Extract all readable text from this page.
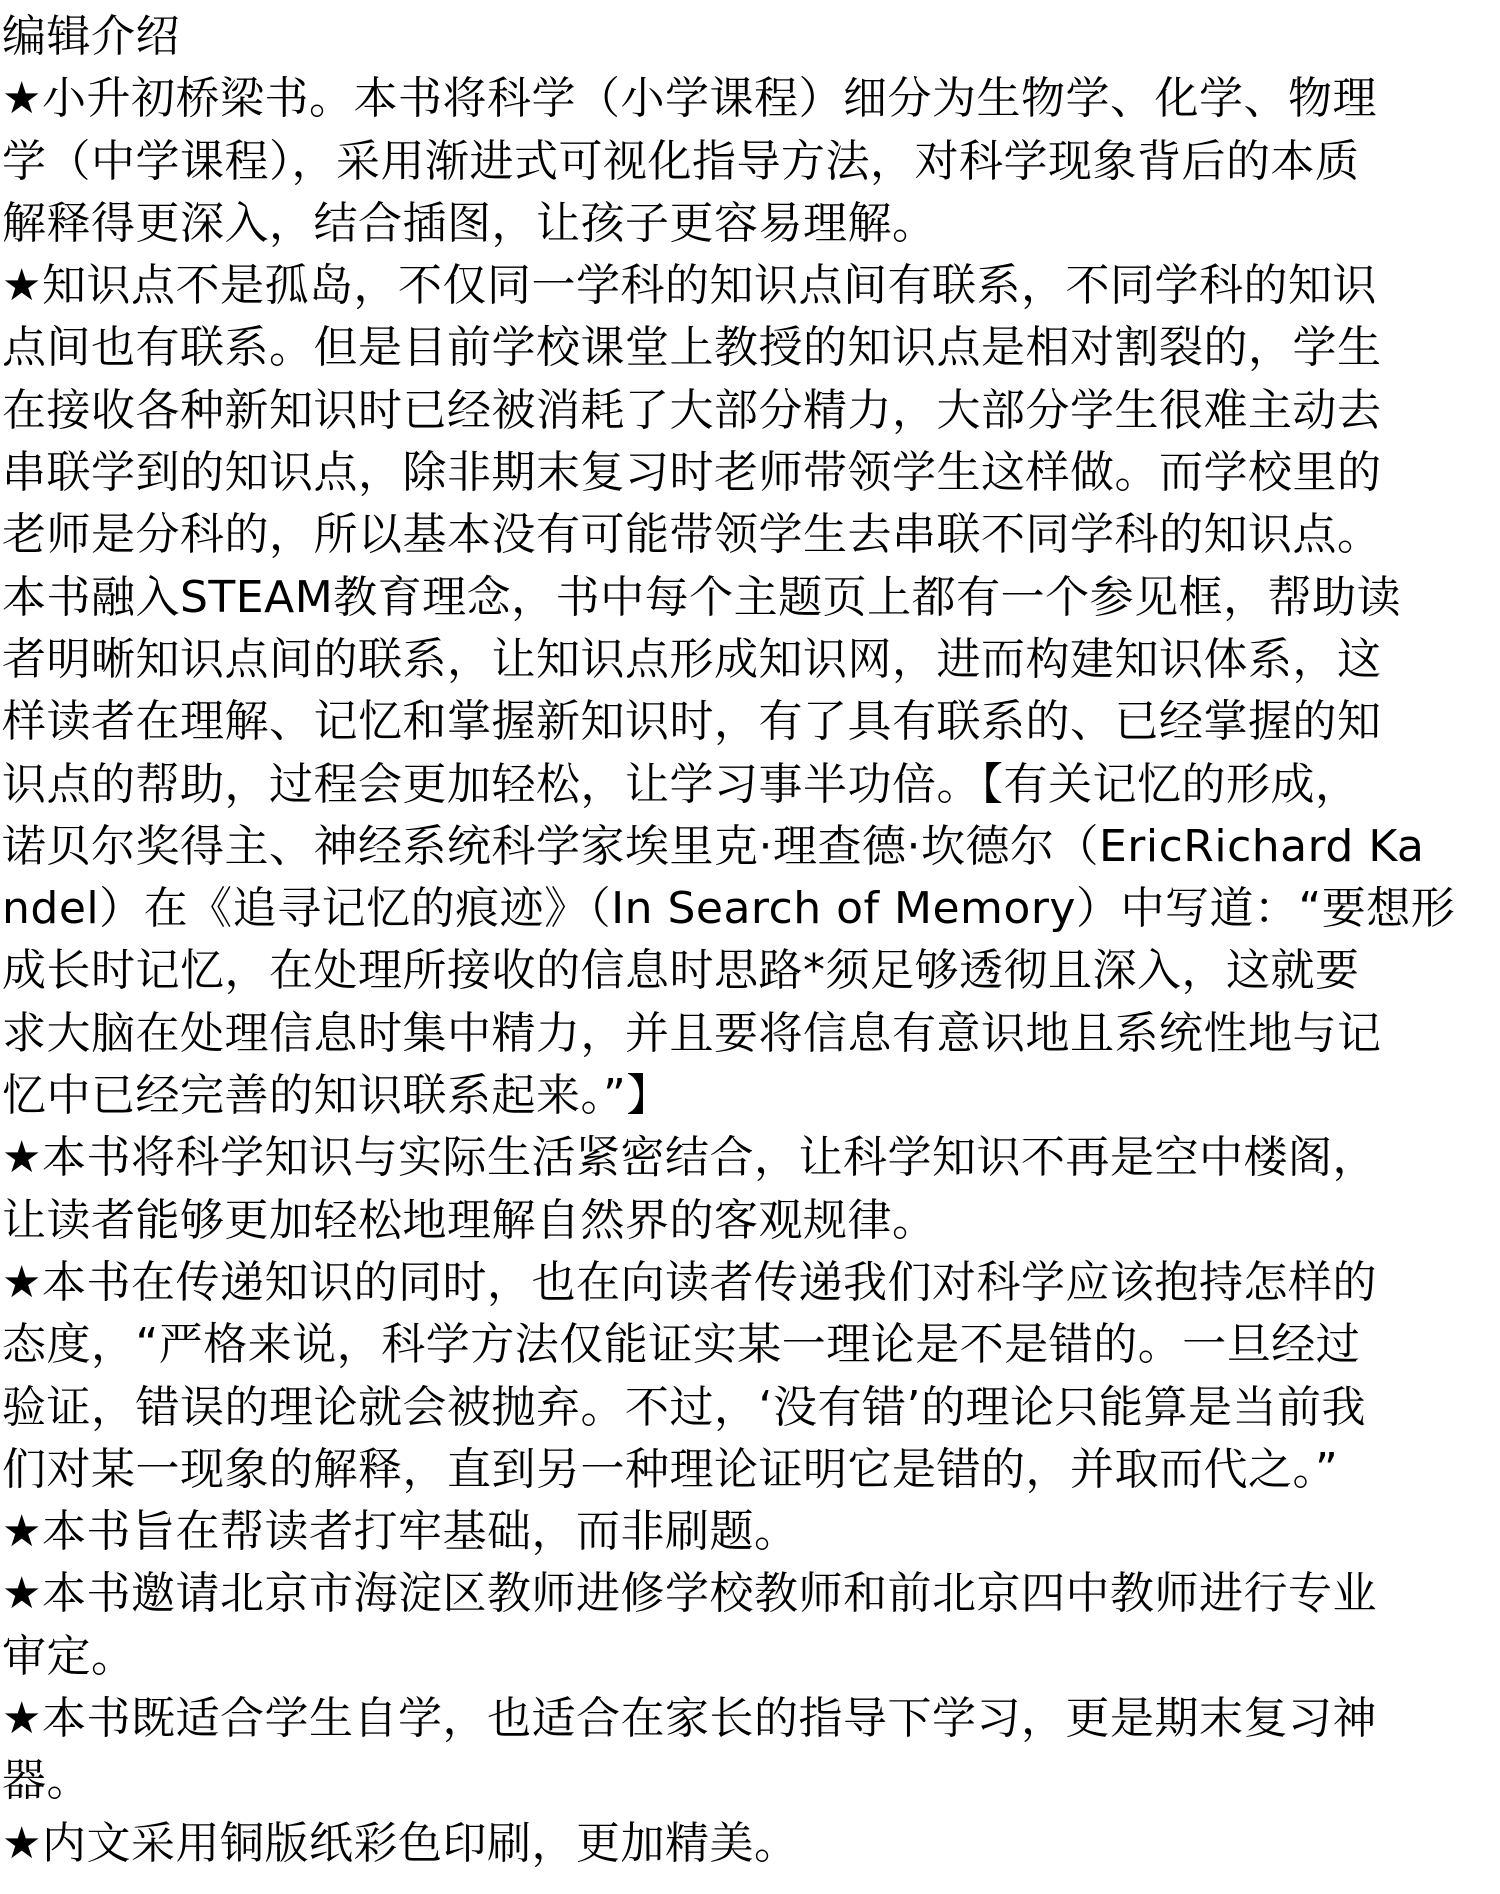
编辑介绍
★小升初桥梁书。本书将科学（小学课程）细分为生物学、化学、物理
学（中学课程），采用渐进式可视化指导方法，对科学现象背后的本质
解释得更深入，结合插图，让孩子更容易理解。
★知识点不是孤岛，不仅同一学科的知识点间有联系，不同学科的知识
点间也有联系。但是目前学校课堂上教授的知识点是相对割裂的，学生
在接收各种新知识时已经被消耗了大部分精力，大部分学生很难主动去
串联学到的知识点，除非期末复习时老师带领学生这样做。而学校里的
老师是分科的，所以基本没有可能带领学生去串联不同学科的知识点。
本书融入STEAM教育理念，书中每个主题页上都有一个参见框，帮助读
者明晰知识点间的联系，让知识点形成知识网，进而构建知识体系，这
样读者在理解、记忆和掌握新知识时，有了具有联系的、已经掌握的知
识点的帮助，过程会更加轻松，让学习事半功倍。【有关记忆的形成，
诺贝尔奖得主、神经系统科学家埃里克·理查德·坎德尔（EricRichard Ka
ndel）在《追寻记忆的痕迹》（In Search of Memory）中写道：“要想形
成长时记忆，在处理所接收的信息时思路*须足够透彻且深入，这就要
求大脑在处理信息时集中精力，并且要将信息有意识地且系统性地与记
忆中已经完善的知识联系起来。”】
★本书将科学知识与实际生活紧密结合，让科学知识不再是空中楼阁，
让读者能够更加轻松地理解自然界的客观规律。
★本书在传递知识的同时，也在向读者传递我们对科学应该抱持怎样的
态度，“严格来说，科学方法仅能证实某一理论是不是错的。一旦经过
验证，错误的理论就会被抛弃。不过，‘没有错’的理论只能算是当前我
们对某一现象的解释，直到另一种理论证明它是错的，并取而代之。”
★本书旨在帮读者打牢基础，而非刷题。
★本书邀请北京市海淀区教师进修学校教师和前北京四中教师进行专业
审定。
★本书既适合学生自学，也适合在家长的指导下学习，更是期末复习神
器。
★内文采用铜版纸彩色印刷，更加精美。
